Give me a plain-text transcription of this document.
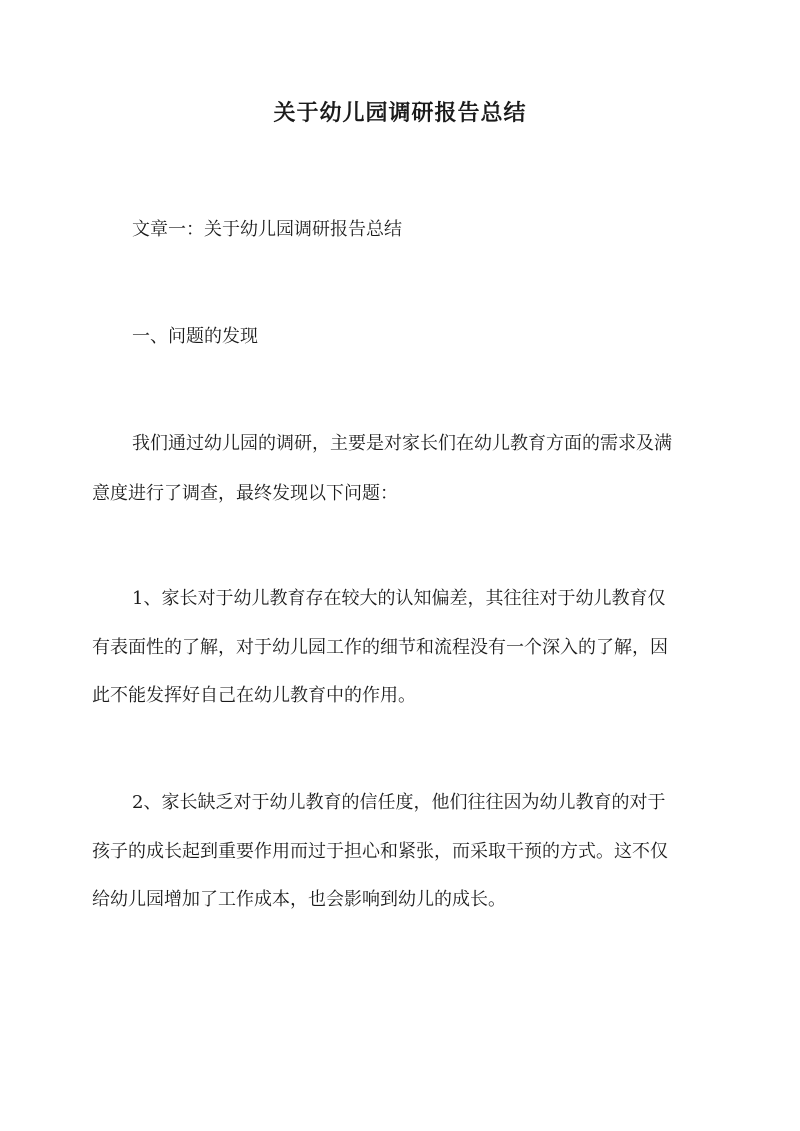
关于幼儿园调研报告总结
文章一：关于幼儿园调研报告总结
一、问题的发现
我们通过幼儿园的调研，主要是对家长们在幼儿教育方面的需求及满
意度进行了调查，最终发现以下问题：
1、家长对于幼儿教育存在较大的认知偏差，其往往对于幼儿教育仅
有表面性的了解，对于幼儿园工作的细节和流程没有一个深入的了解，因
此不能发挥好自己在幼儿教育中的作用。
2、家长缺乏对于幼儿教育的信任度，他们往往因为幼儿教育的对于
孩子的成长起到重要作用而过于担心和紧张，而采取干预的方式。这不仅
给幼儿园增加了工作成本，也会影响到幼儿的成长。
